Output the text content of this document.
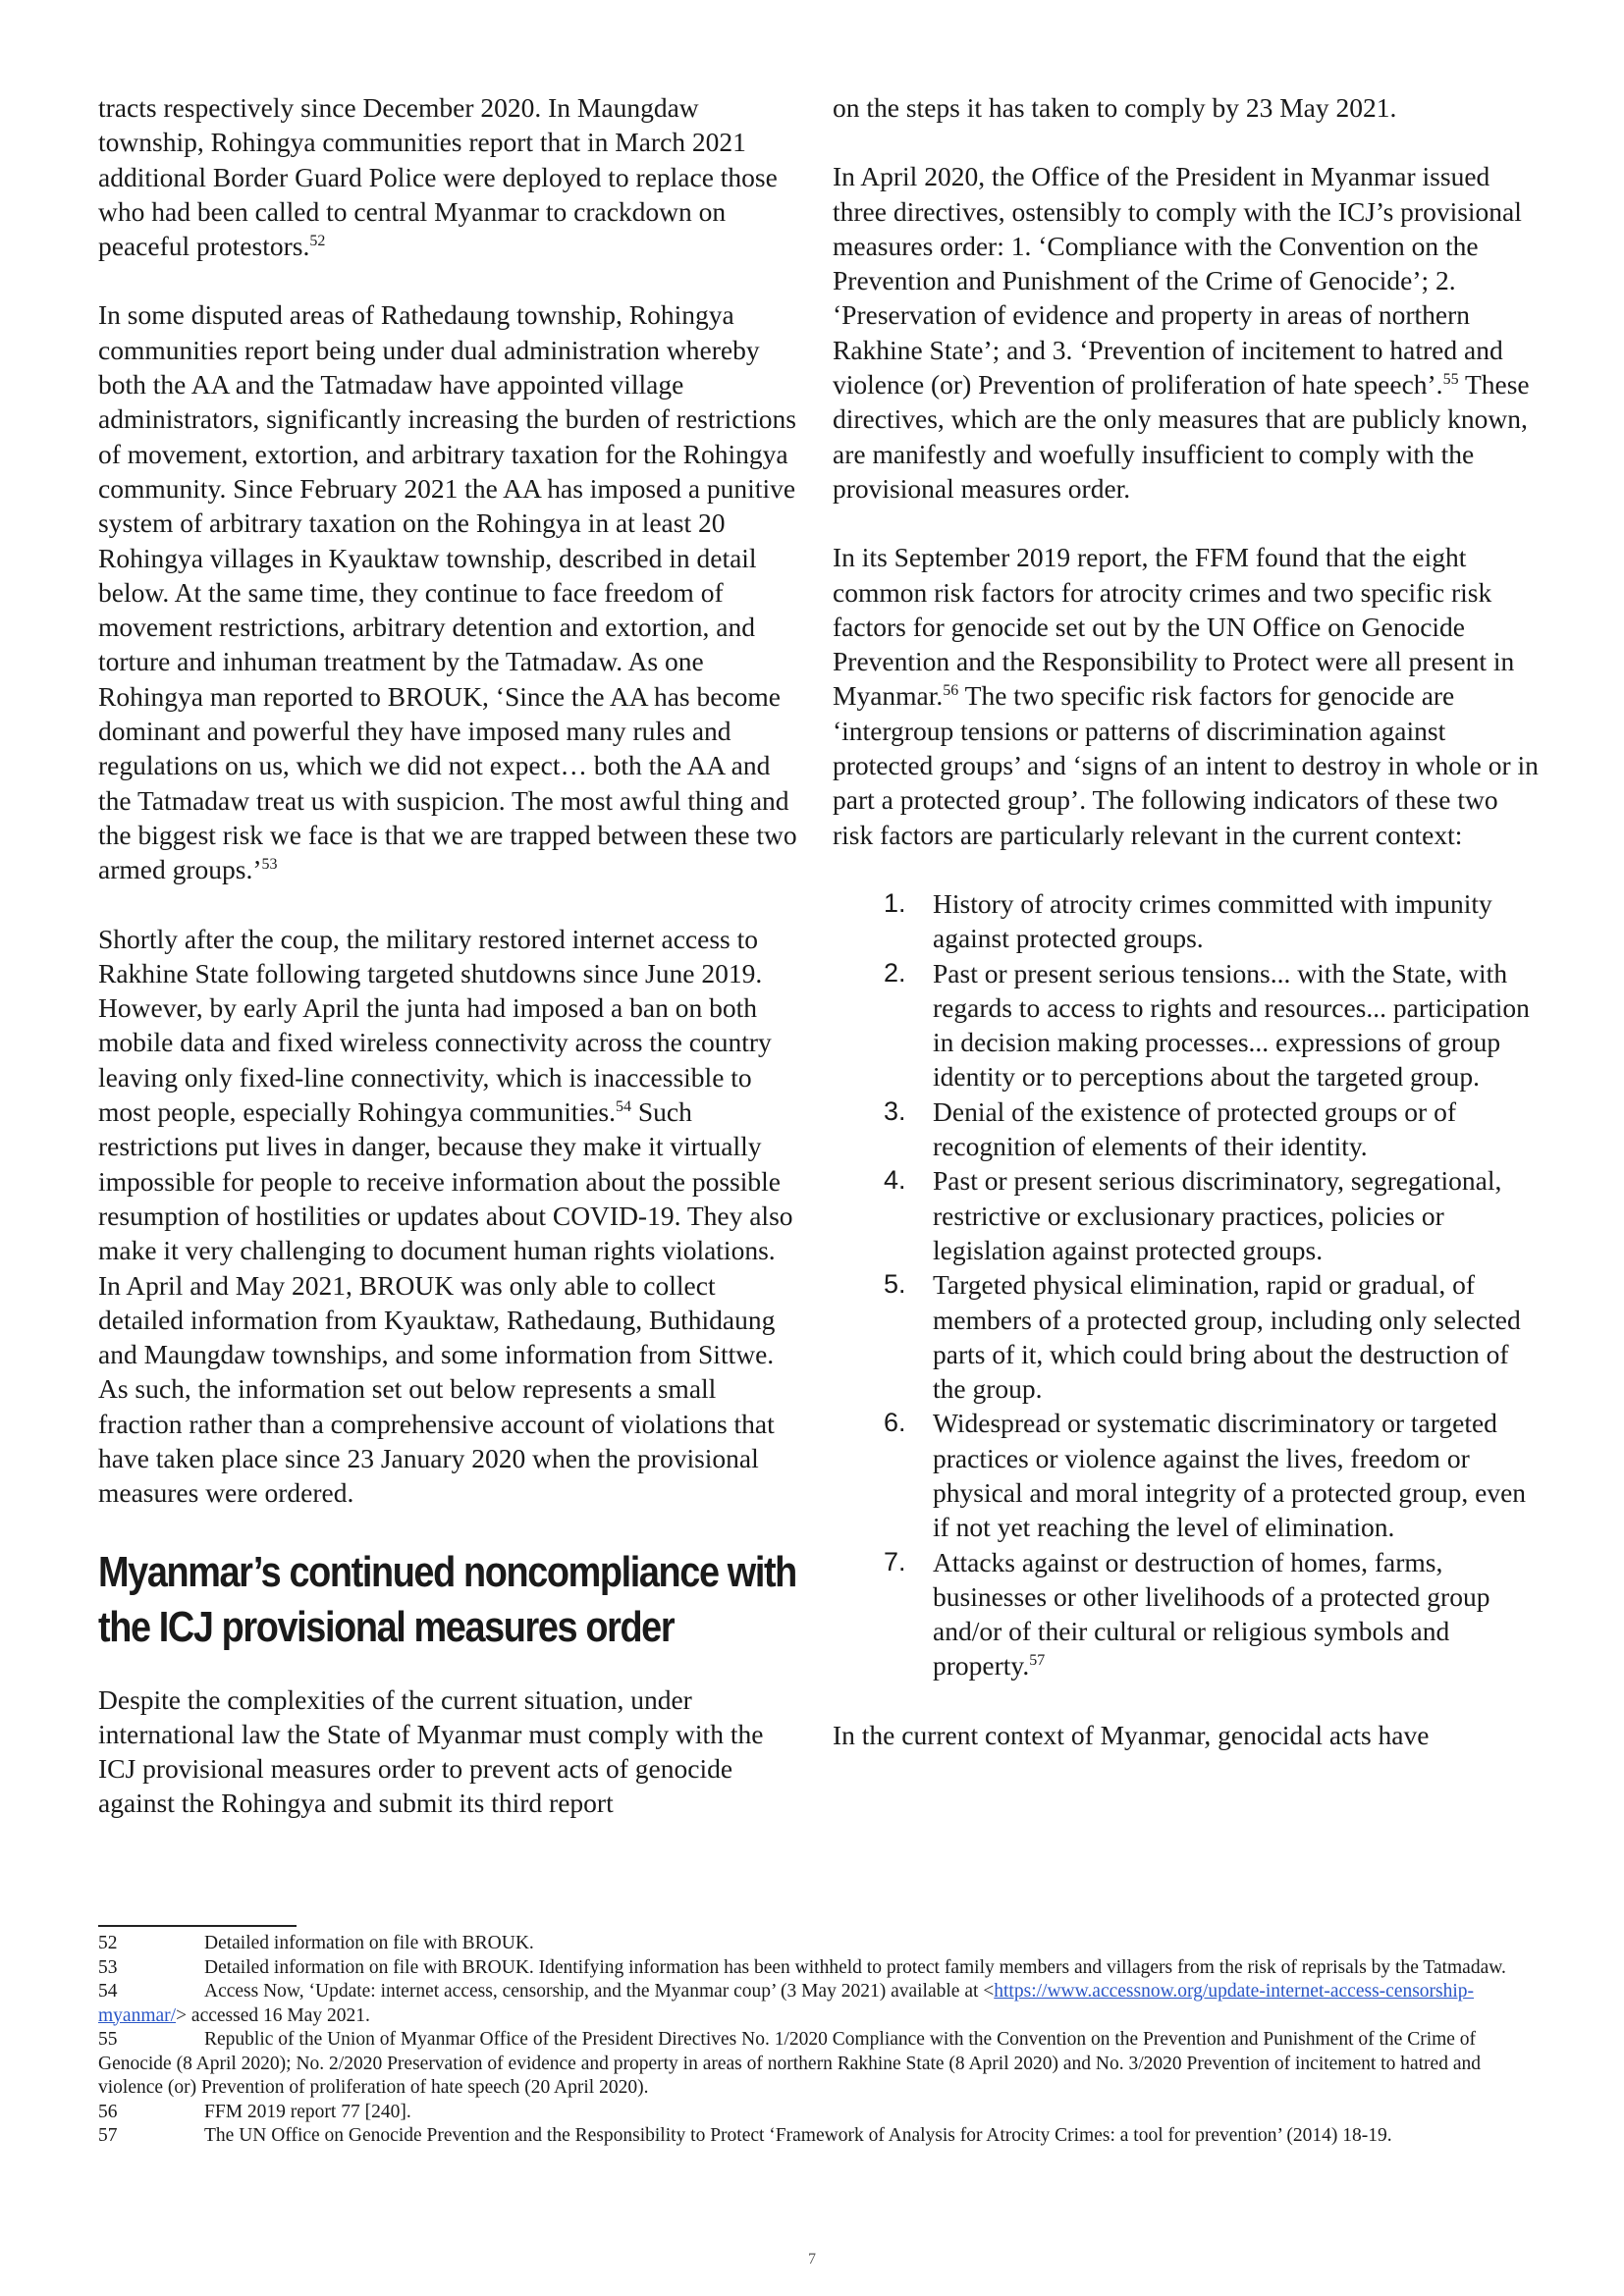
tracts respectively since December 2020. In Maungdaw township, Rohingya communities report that in March 2021 additional Border Guard Police were deployed to replace those who had been called to central Myanmar to crackdown on peaceful protestors.$^{52}$

In some disputed areas of Rathedaung township, Rohingya communities report being under dual administration whereby both the AA and the Tatmadaw have appointed village administrators, significantly increasing the burden of restrictions of movement, extortion, and arbitrary taxation for the Rohingya community. Since February 2021 the AA has imposed a punitive system of arbitrary taxation on the Rohingya in at least 20 Rohingya villages in Kyauktaw township, described in detail below. At the same time, they continue to face freedom of movement restrictions, arbitrary detention and extortion, and torture and inhuman treatment by the Tatmadaw. As one Rohingya man reported to BROUK, ‘Since the AA has become dominant and powerful they have imposed many rules and regulations on us, which we did not expect… both the AA and the Tatmadaw treat us with suspicion. The most awful thing and the biggest risk we face is that we are trapped between these two armed groups.’$^{53}$

Shortly after the coup, the military restored internet access to Rakhine State following targeted shutdowns since June 2019. However, by early April the junta had imposed a ban on both mobile data and fixed wireless connectivity across the country leaving only fixed-line connectivity, which is inaccessible to most people, especially Rohingya communities.$^{54}$ Such restrictions put lives in danger, because they make it virtually impossible for people to receive information about the possible resumption of hostilities or updates about COVID-19. They also make it very challenging to document human rights violations. In April and May 2021, BROUK was only able to collect detailed information from Kyauktaw, Rathedaung, Buthidaung and Maungdaw townships, and some information from Sittwe. As such, the information set out below represents a small fraction rather than a comprehensive account of violations that have taken place since 23 January 2020 when the provisional measures were ordered.

Myanmar’s continued noncompliance with the ICJ provisional measures order

Despite the complexities of the current situation, under international law the State of Myanmar must comply with the ICJ provisional measures order to prevent acts of genocide against the Rohingya and submit its third report

on the steps it has taken to comply by 23 May 2021.

In April 2020, the Office of the President in Myanmar issued three directives, ostensibly to comply with the ICJ’s provisional measures order: 1. ‘Compliance with the Convention on the Prevention and Punishment of the Crime of Genocide’; 2. ‘Preservation of evidence and property in areas of northern Rakhine State’; and 3. ‘Prevention of incitement to hatred and violence (or) Prevention of proliferation of hate speech’.$^{55}$ These directives, which are the only measures that are publicly known, are manifestly and woefully insufficient to comply with the provisional measures order.

In its September 2019 report, the FFM found that the eight common risk factors for atrocity crimes and two specific risk factors for genocide set out by the UN Office on Genocide Prevention and the Responsibility to Protect were all present in Myanmar.$^{56}$ The two specific risk factors for genocide are ‘intergroup tensions or patterns of discrimination against protected groups’ and ‘signs of an intent to destroy in whole or in part a protected group’. The following indicators of these two risk factors are particularly relevant in the current context:

History of atrocity crimes committed with impunity against protected groups.
Past or present serious tensions... with the State, with regards to access to rights and resources... participation in decision making processes... expressions of group identity or to perceptions about the targeted group.
Denial of the existence of protected groups or of recognition of elements of their identity.
Past or present serious discriminatory, segregational, restrictive or exclusionary practices, policies or legislation against protected groups.
Targeted physical elimination, rapid or gradual, of members of a protected group, including only selected parts of it, which could bring about the destruction of the group.
Widespread or systematic discriminatory or targeted practices or violence against the lives, freedom or physical and moral integrity of a protected group, even if not yet reaching the level of elimination.
Attacks against or destruction of homes, farms, businesses or other livelihoods of a protected group and/or of their cultural or religious symbols and property.$^{57}$

In the current context of Myanmar, genocidal acts have

52	Detailed information on file with BROUK.

53	Detailed information on file with BROUK. Identifying information has been withheld to protect family members and villagers from the risk of reprisals by the Tatmadaw.

54	Access Now, ‘Update: internet access, censorship, and the Myanmar coup’ (3 May 2021) available at <https://www.accessnow.org/update-internet-access-censorship-myanmar/> accessed 16 May 2021.

55	Republic of the Union of Myanmar Office of the President Directives No. 1/2020 Compliance with the Convention on the Prevention and Punishment of the Crime of Genocide (8 April 2020); No. 2/2020 Preservation of evidence and property in areas of northern Rakhine State (8 April 2020) and No. 3/2020 Prevention of incitement to hatred and violence (or) Prevention of proliferation of hate speech (20 April 2020).

56	FFM 2019 report 77 [240].

57	The UN Office on Genocide Prevention and the Responsibility to Protect ‘Framework of Analysis for Atrocity Crimes: a tool for prevention’ (2014) 18-19.

7
